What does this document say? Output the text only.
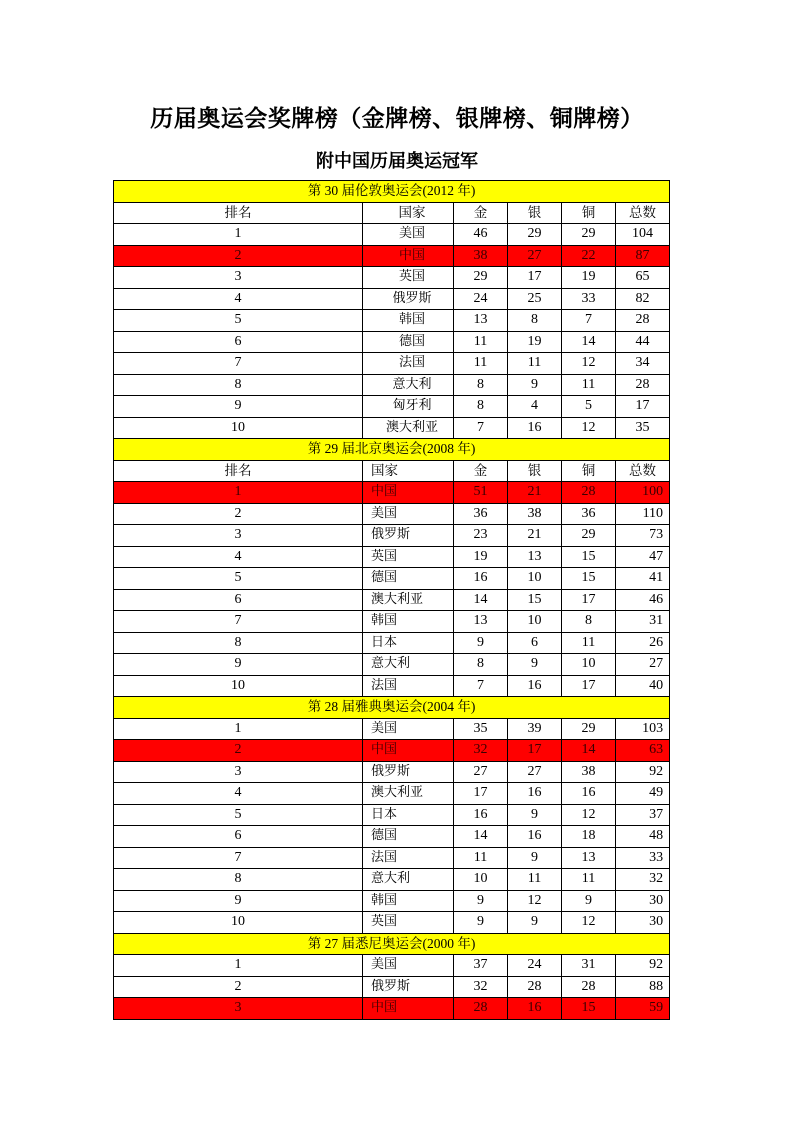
历届奥运会奖牌榜（金牌榜、银牌榜、铜牌榜）
附中国历届奥运冠军
第 30 届伦敦奥运会(2012 年)					
排名	国家	金	银	铜	总数
1	美国	46	29	29	104
2	中国	38	27	22	87
3	英国	29	17	19	65
4	俄罗斯	24	25	33	82
5	韩国	13	8	7	28
6	德国	11	19	14	44
7	法国	11	11	12	34
8	意大利	8	9	11	28
9	匈牙利	8	4	5	17
10	澳大利亚	7	16	12	35
第 29 届北京奥运会(2008 年)					
排名	国家	金	银	铜	总数
1	中国	51	21	28	100
2	美国	36	38	36	110
3	俄罗斯	23	21	29	73
4	英国	19	13	15	47
5	德国	16	10	15	41
6	澳大利亚	14	15	17	46
7	韩国	13	10	8	31
8	日本	9	6	11	26
9	意大利	8	9	10	27
10	法国	7	16	17	40
第 28 届雅典奥运会(2004 年)					
1	美国	35	39	29	103
2	中国	32	17	14	63
3	俄罗斯	27	27	38	92
4	澳大利亚	17	16	16	49
5	日本	16	9	12	37
6	德国	14	16	18	48
7	法国	11	9	13	33
8	意大利	10	11	11	32
9	韩国	9	12	9	30
10	英国	9	9	12	30
第 27 届悉尼奥运会(2000 年)					
1	美国	37	24	31	92
2	俄罗斯	32	28	28	88
3	中国	28	16	15	59
